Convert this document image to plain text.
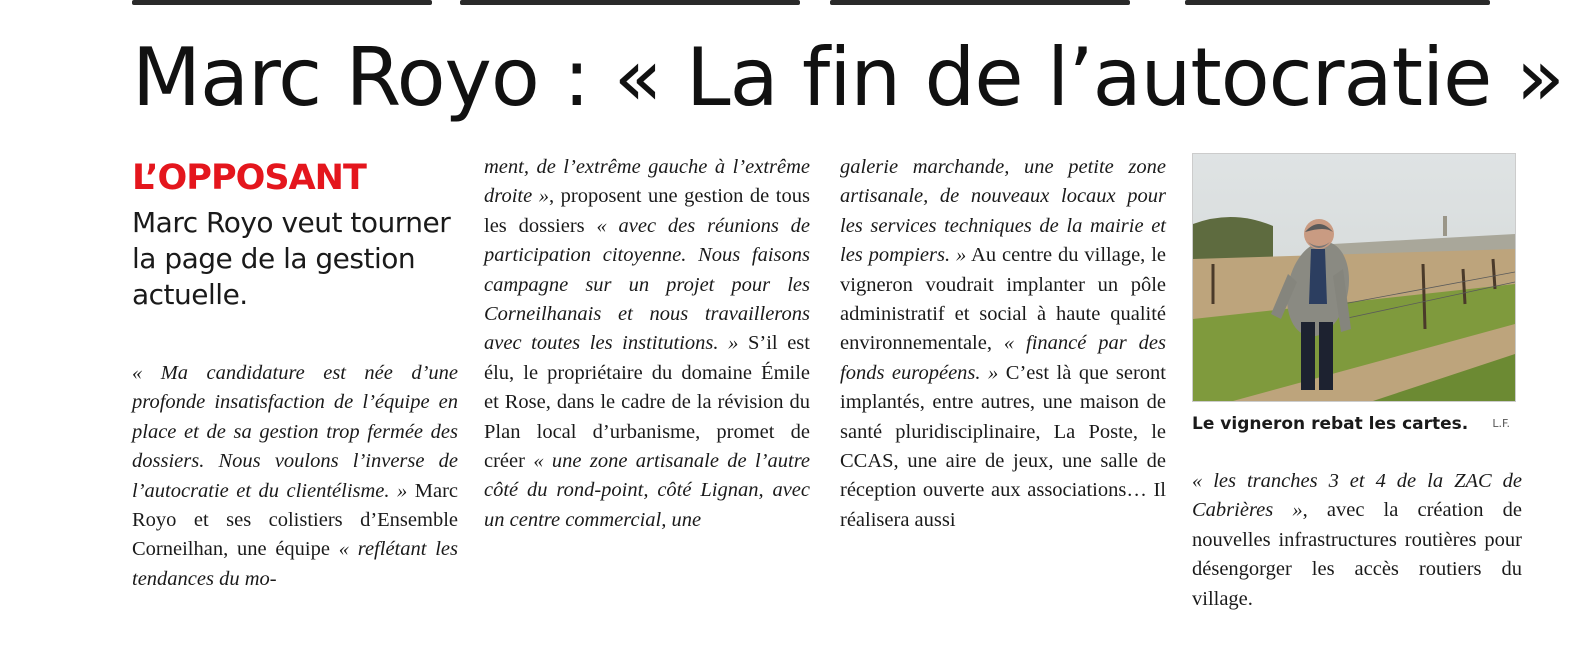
Marc Royo : « La fin de l’autocratie »
L’OPPOSANT
Marc Royo veut tourner la page de la gestion actuelle.

« Ma candidature est née d’une profonde insatisfaction de l’équipe en place et de sa gestion trop fermée des dossiers. Nous voulons l’inverse de l’autocratie et du clientélisme. » Marc Royo et ses colistiers d’Ensemble Corneilhan, une équipe « reflétant les tendances du mo-

ment, de l’extrême gauche à l’extrême droite », proposent une gestion de tous les dossiers « avec des réunions de participation citoyenne. Nous faisons campagne sur un projet pour les Corneilhanais et nous travaillerons avec toutes les institutions. » S’il est élu, le propriétaire du domaine Émile et Rose, dans le cadre de la révision du Plan local d’urbanisme, promet de créer « une zone artisanale de l’autre côté du rond-point, côté Lignan, avec un centre commercial, une

galerie marchande, une petite zone artisanale, de nouveaux locaux pour les services techniques de la mairie et les pompiers. » Au centre du village, le vigneron voudrait implanter un pôle administratif et social à haute qualité environnementale, « financé par des fonds européens. » C’est là que seront implantés, entre autres, une maison de santé pluridisciplinaire, La Poste, le CCAS, une aire de jeux, une salle de réception ouverte aux associations… Il réalisera aussi

Le vigneron rebat les cartes. L.F.

« les tranches 3 et 4 de la ZAC de Cabrières », avec la création de nouvelles infrastructures routières pour désengorger les accès routiers du village.
